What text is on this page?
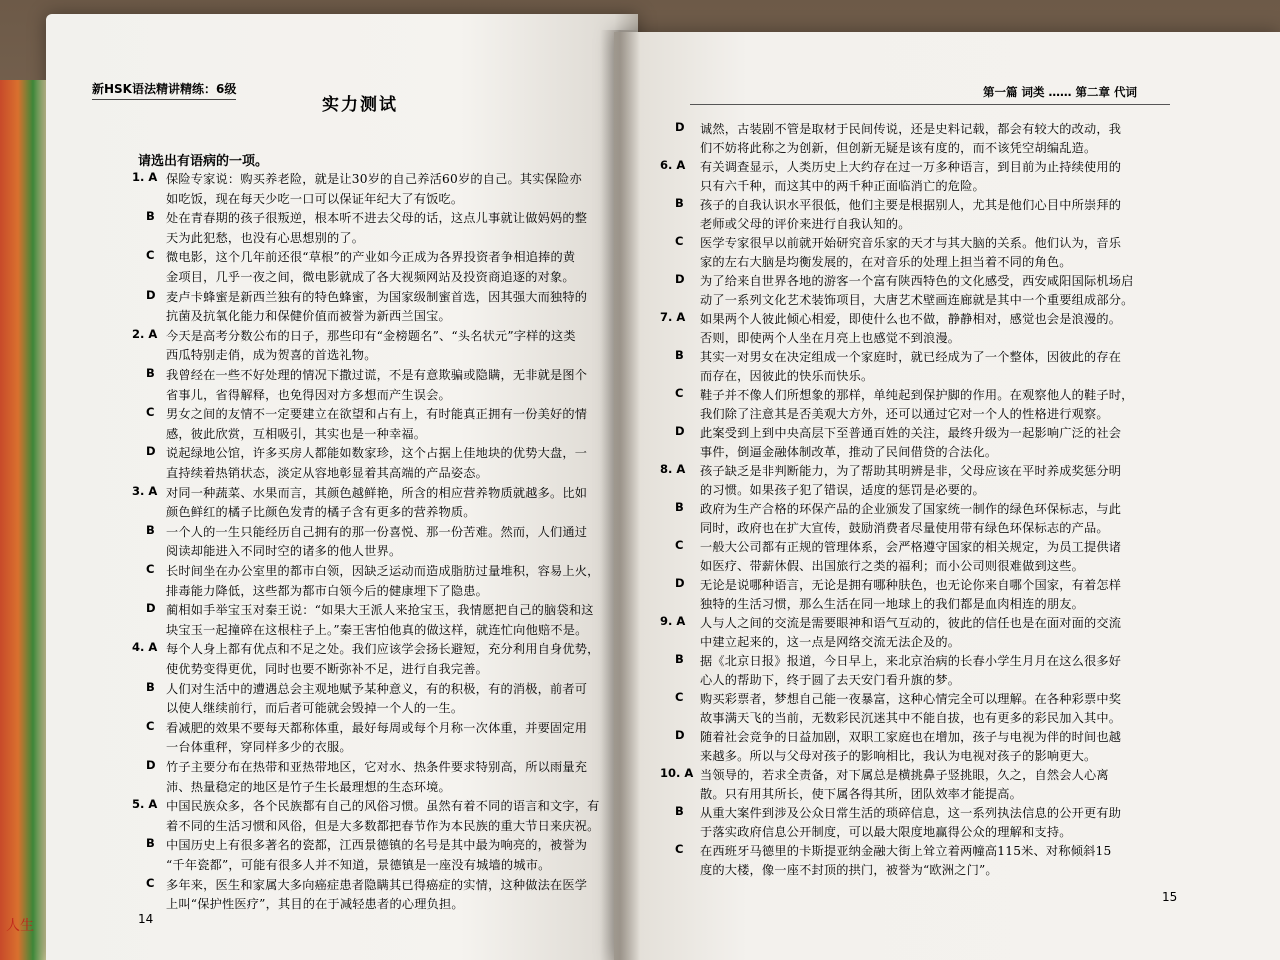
人生
新HSK语法精讲精练：6级
实力测试
请选出有语病的一项。
1. A 保险专家说：购买养老险，就是让30岁的自己养活60岁的自己。其实保险亦
如吃饭，现在每天少吃一口可以保证年纪大了有饭吃。
B 处在青春期的孩子很叛逆，根本听不进去父母的话，这点儿事就让做妈妈的整
天为此犯愁，也没有心思想别的了。
C 微电影，这个几年前还很“草根”的产业如今正成为各界投资者争相追捧的黄
金项目，几乎一夜之间，微电影就成了各大视频网站及投资商追逐的对象。
D 麦卢卡蜂蜜是新西兰独有的特色蜂蜜，为国家级制蜜首选，因其强大而独特的
抗菌及抗氧化能力和保健价值而被誉为新西兰国宝。
2. A 今天是高考分数公布的日子，那些印有“金榜题名”、“头名状元”字样的这类
西瓜特别走俏，成为贺喜的首选礼物。
B 我曾经在一些不好处理的情况下撒过谎，不是有意欺骗或隐瞒，无非就是图个
省事儿，省得解释，也免得因对方多想而产生误会。
C 男女之间的友情不一定要建立在欲望和占有上，有时能真正拥有一份美好的情
感，彼此欣赏，互相吸引，其实也是一种幸福。
D 说起绿地公馆，许多买房人都能如数家珍，这个占据上佳地块的优势大盘，一
直持续着热销状态，淡定从容地彰显着其高端的产品姿态。
3. A 对同一种蔬菜、水果而言，其颜色越鲜艳，所含的相应营养物质就越多。比如
颜色鲜红的橘子比颜色发青的橘子含有更多的营养物质。
B 一个人的一生只能经历自己拥有的那一份喜悦、那一份苦难。然而，人们通过
阅读却能进入不同时空的诸多的他人世界。
C 长时间坐在办公室里的都市白领，因缺乏运动而造成脂肪过量堆积，容易上火，
排毒能力降低，这些都为都市白领今后的健康埋下了隐患。
D 蔺相如手举宝玉对秦王说：“如果大王派人来抢宝玉，我情愿把自己的脑袋和这
块宝玉一起撞碎在这根柱子上。”秦王害怕他真的做这样，就连忙向他赔不是。
4. A 每个人身上都有优点和不足之处。我们应该学会扬长避短，充分利用自身优势，
使优势变得更优，同时也要不断弥补不足，进行自我完善。
B 人们对生活中的遭遇总会主观地赋予某种意义，有的积极，有的消极，前者可
以使人继续前行，而后者可能就会毁掉一个人的一生。
C 看减肥的效果不要每天都称体重，最好每周或每个月称一次体重，并要固定用
一台体重秤，穿同样多少的衣服。
D 竹子主要分布在热带和亚热带地区，它对水、热条件要求特别高，所以雨量充
沛、热量稳定的地区是竹子生长最理想的生态环境。
5. A 中国民族众多，各个民族都有自己的风俗习惯。虽然有着不同的语言和文字，有
着不同的生活习惯和风俗，但是大多数都把春节作为本民族的重大节日来庆祝。
B 中国历史上有很多著名的瓷都，江西景德镇的名号是其中最为响亮的，被誉为
“千年瓷都”，可能有很多人并不知道，景德镇是一座没有城墙的城市。
C 多年来，医生和家属大多向癌症患者隐瞒其已得癌症的实情，这种做法在医学
上叫“保护性医疗”，其目的在于减轻患者的心理负担。
14
第一篇 词类 …… 第二章 代词
D 诚然，古装剧不管是取材于民间传说，还是史料记载，都会有较大的改动，我
们不妨将此称之为创新，但创新无疑是该有度的，而不该凭空胡编乱造。
6. A 有关调查显示，人类历史上大约存在过一万多种语言，到目前为止持续使用的
只有六千种，而这其中的两千种正面临消亡的危险。
B 孩子的自我认识水平很低，他们主要是根据别人，尤其是他们心目中所崇拜的
老师或父母的评价来进行自我认知的。
C 医学专家很早以前就开始研究音乐家的天才与其大脑的关系。他们认为，音乐
家的左右大脑是均衡发展的，在对音乐的处理上担当着不同的角色。
D 为了给来自世界各地的游客一个富有陕西特色的文化感受，西安咸阳国际机场启
动了一系列文化艺术装饰项目，大唐艺术壁画连廊就是其中一个重要组成部分。
7. A 如果两个人彼此倾心相爱，即使什么也不做，静静相对，感觉也会是浪漫的。
否则，即使两个人坐在月亮上也感觉不到浪漫。
B 其实一对男女在决定组成一个家庭时，就已经成为了一个整体，因彼此的存在
而存在，因彼此的快乐而快乐。
C 鞋子并不像人们所想象的那样，单纯起到保护脚的作用。在观察他人的鞋子时，
我们除了注意其是否美观大方外，还可以通过它对一个人的性格进行观察。
D 此案受到上到中央高层下至普通百姓的关注，最终升级为一起影响广泛的社会
事件，倒逼金融体制改革，推动了民间借贷的合法化。
8. A 孩子缺乏是非判断能力，为了帮助其明辨是非，父母应该在平时养成奖惩分明
的习惯。如果孩子犯了错误，适度的惩罚是必要的。
B 政府为生产合格的环保产品的企业颁发了国家统一制作的绿色环保标志，与此
同时，政府也在扩大宣传，鼓励消费者尽量使用带有绿色环保标志的产品。
C 一般大公司都有正规的管理体系，会严格遵守国家的相关规定，为员工提供诸
如医疗、带薪休假、出国旅行之类的福利；而小公司则很难做到这些。
D 无论是说哪种语言，无论是拥有哪种肤色，也无论你来自哪个国家，有着怎样
独特的生活习惯，那么生活在同一地球上的我们都是血肉相连的朋友。
9. A 人与人之间的交流是需要眼神和语气互动的，彼此的信任也是在面对面的交流
中建立起来的，这一点是网络交流无法企及的。
B 据《北京日报》报道，今日早上，来北京治病的长春小学生月月在这么很多好
心人的帮助下，终于圆了去天安门看升旗的梦。
C 购买彩票者，梦想自己能一夜暴富，这种心情完全可以理解。在各种彩票中奖
故事满天飞的当前，无数彩民沉迷其中不能自拔，也有更多的彩民加入其中。
D 随着社会竞争的日益加剧，双职工家庭也在增加，孩子与电视为伴的时间也越
来越多。所以与父母对孩子的影响相比，我认为电视对孩子的影响更大。
10. A 当领导的，若求全责备，对下属总是横挑鼻子竖挑眼，久之，自然会人心离
散。只有用其所长，使下属各得其所，团队效率才能提高。
B 从重大案件到涉及公众日常生活的琐碎信息，这一系列执法信息的公开更有助
于落实政府信息公开制度，可以最大限度地赢得公众的理解和支持。
C 在西班牙马德里的卡斯提亚纳金融大街上耸立着两幢高115米、对称倾斜15
度的大楼，像一座不封顶的拱门，被誉为“欧洲之门”。
15
